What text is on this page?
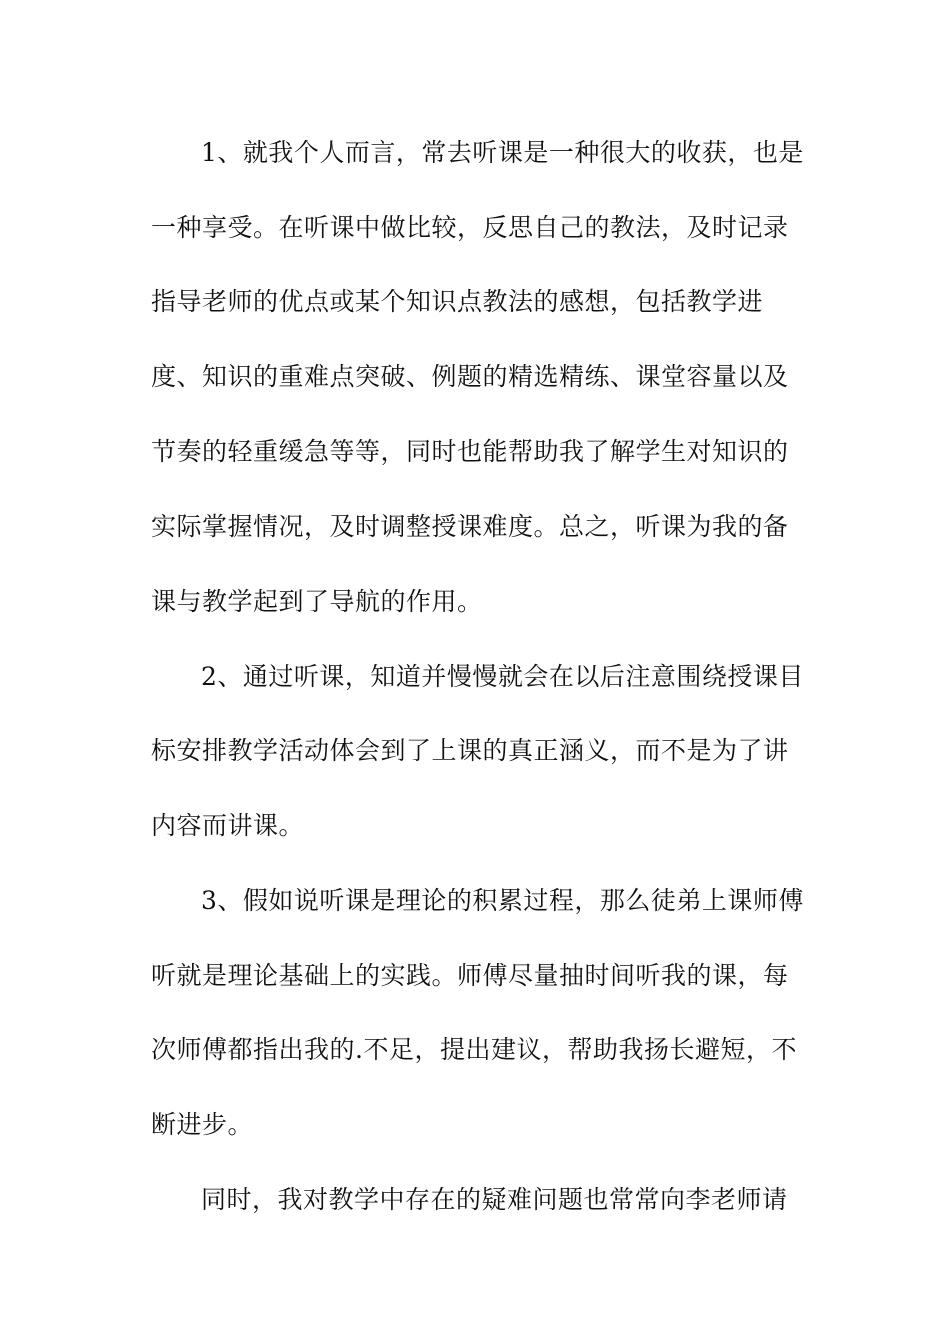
1、就我个人而言，常去听课是一种很大的收获，也是

一种享受。在听课中做比较，反思自己的教法，及时记录

指导老师的优点或某个知识点教法的感想，包括教学进

度、知识的重难点突破、例题的精选精练、课堂容量以及

节奏的轻重缓急等等，同时也能帮助我了解学生对知识的

实际掌握情况，及时调整授课难度。总之，听课为我的备

课与教学起到了导航的作用。

2、通过听课，知道并慢慢就会在以后注意围绕授课目

标安排教学活动体会到了上课的真正涵义，而不是为了讲

内容而讲课。

3、假如说听课是理论的积累过程，那么徒弟上课师傅

听就是理论基础上的实践。师傅尽量抽时间听我的课，每

次师傅都指出我的.不足，提出建议，帮助我扬长避短，不

断进步。

同时，我对教学中存在的疑难问题也常常向李老师请
